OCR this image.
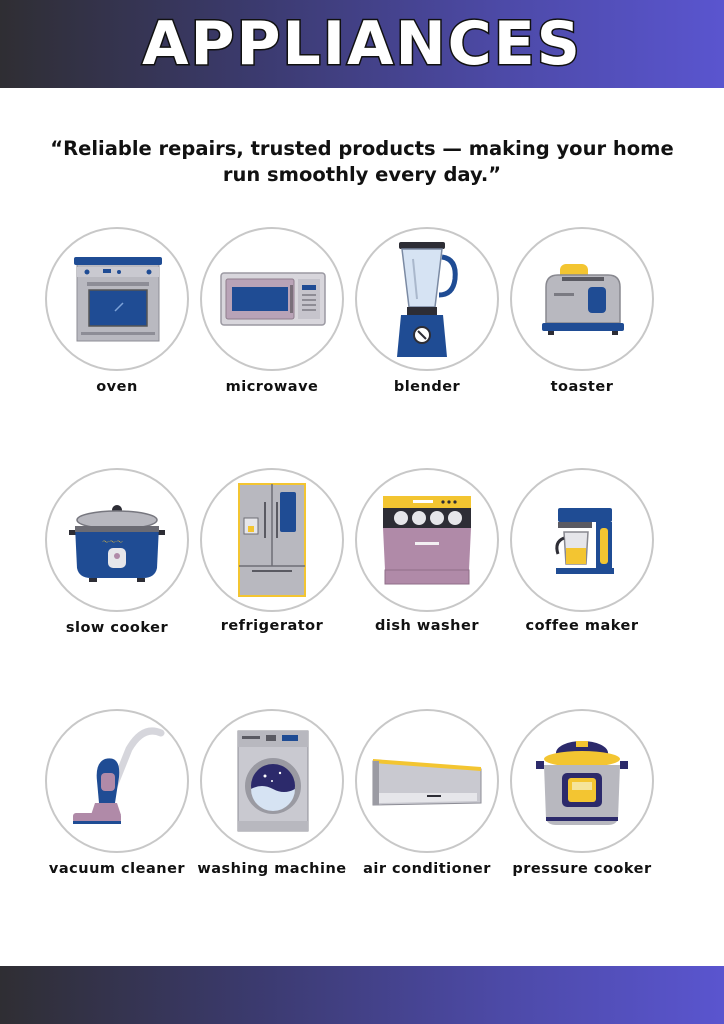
APPLIANCES
“Reliable repairs, trusted products — making your home run smoothly every day.”
oven	microwave	blender	toaster
～～～
slow cooker	refrigerator	dish washer	coffee maker
vacuum cleaner washing machine	air conditioner	pressure cooker
